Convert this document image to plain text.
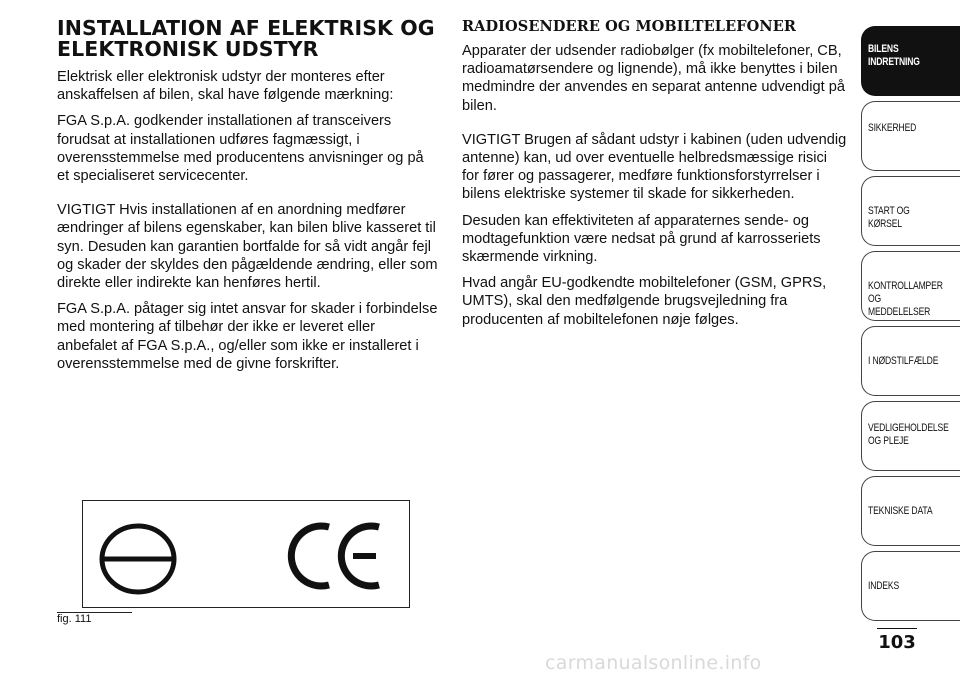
INSTALLATION AF ELEKTRISK OG ELEKTRONISK UDSTYR

Elektrisk eller elektronisk udstyr der monteres efter anskaffelsen af bilen, skal have følgende mærkning:

FGA S.p.A. godkender installationen af transceivers forudsat at installationen udføres fagmæssigt, i overensstemmelse med producentens anvisninger og på et specialiseret servicecenter.

VIGTIGT Hvis installationen af en anordning medfører ændringer af bilens egenskaber, kan bilen blive kasseret til syn. Desuden kan garantien bortfalde for så vidt angår fejl og skader der skyldes den pågældende ændring, eller som direkte eller indirekte kan henføres hertil.

FGA S.p.A. påtager sig intet ansvar for skader i forbindelse med montering af tilbehør der ikke er leveret eller anbefalet af FGA S.p.A., og/eller som ikke er installeret i overensstemmelse med de givne forskrifter.

RADIOSENDERE OG MOBILTELEFONER

Apparater der udsender radiobølger (fx mobiltelefoner, CB, radioamatørsendere og lignende), må ikke benyttes i bilen medmindre der anvendes en separat antenne udvendigt på bilen.

VIGTIGT Brugen af sådant udstyr i kabinen (uden udvendig antenne) kan, ud over eventuelle helbredsmæssige risici for fører og passagerer, medføre funktionsforstyrrelser i bilens elektriske systemer til skade for sikkerheden.

Desuden kan effektiviteten af apparaternes sende- og modtagefunktion være nedsat på grund af karrosseriets skærmende virkning.

Hvad angår EU-godkendte mobiltelefoner (GSM, GPRS, UMTS), skal den medfølgende brugsvejledning fra producenten af mobiltelefonen nøje følges.

fig. 111
BILENS
INDRETNING
SIKKERHED
START OG KØRSEL
KONTROLLAMPER
OG MEDDELELSER
I NØDSTILFÆLDE
VEDLIGEHOLDELSE
OG PLEJE
TEKNISKE DATA
INDEKS
103
carmanualsonline.info
